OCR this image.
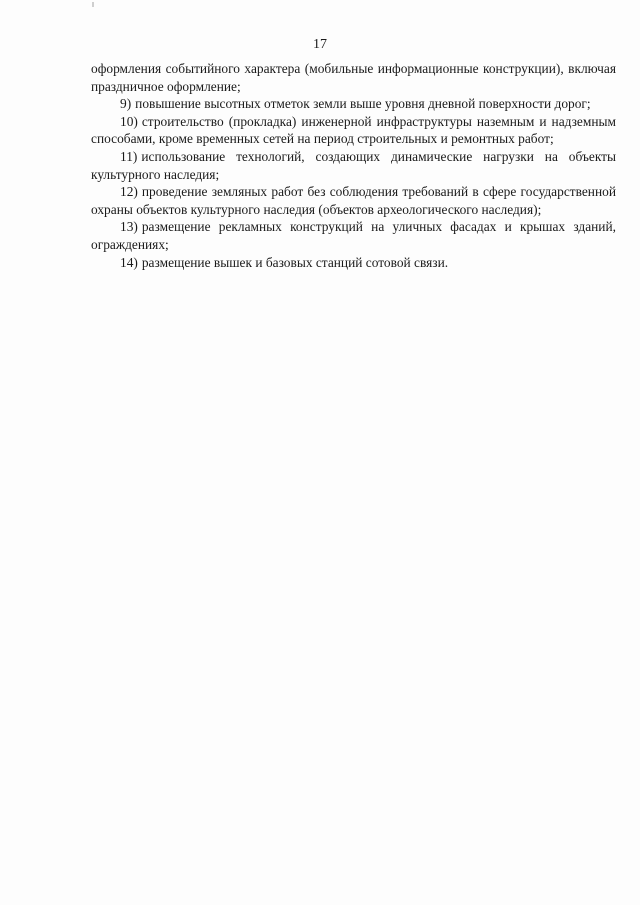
17

оформления событийного характера (мобильные информационные конструкции), включая праздничное оформление;

9) повышение высотных отметок земли выше уровня дневной поверхности дорог;

10) строительство (прокладка) инженерной инфраструктуры наземным и надземным способами, кроме временных сетей на период строительных и ремонтных работ;

11) использование технологий, создающих динамические нагрузки на объекты культурного наследия;

12) проведение земляных работ без соблюдения требований в сфере государственной охраны объектов культурного наследия (объектов археологического наследия);

13) размещение рекламных конструкций на уличных фасадах и крышах зданий, ограждениях;

14) размещение вышек и базовых станций сотовой связи.
